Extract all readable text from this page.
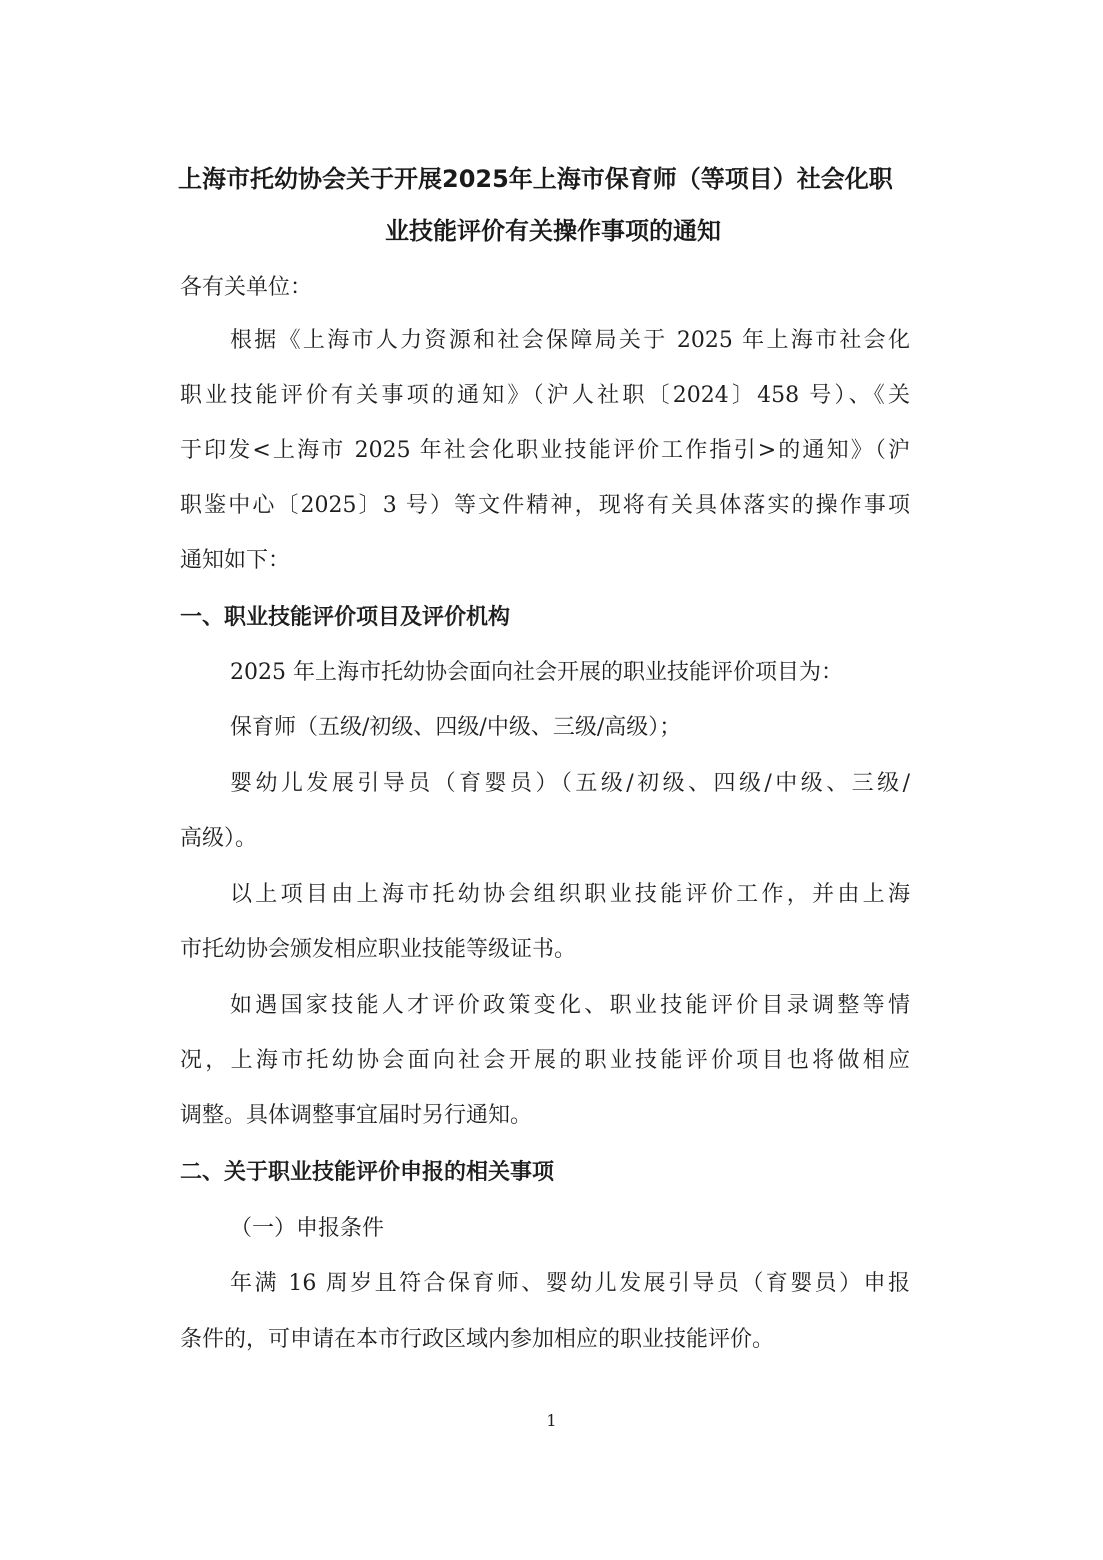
上海市托幼协会关于开展2025年上海市保育师（等项目）社会化职
业技能评价有关操作事项的通知

各有关单位：

根据《上海市人力资源和社会保障局关于 2025 年上海市社会化

职业技能评价有关事项的通知》（沪人社职〔2024〕458 号）、《关

于印发<上海市 2025 年社会化职业技能评价工作指引>的通知》（沪

职鉴中心〔2025〕3 号）等文件精神，现将有关具体落实的操作事项

通知如下：

一、职业技能评价项目及评价机构

2025 年上海市托幼协会面向社会开展的职业技能评价项目为：

保育师（五级/初级、四级/中级、三级/高级）；

婴幼儿发展引导员（育婴员）（五级/初级、四级/中级、三级/

高级）。

以上项目由上海市托幼协会组织职业技能评价工作，并由上海

市托幼协会颁发相应职业技能等级证书。

如遇国家技能人才评价政策变化、职业技能评价目录调整等情

况，上海市托幼协会面向社会开展的职业技能评价项目也将做相应

调整。具体调整事宜届时另行通知。

二、关于职业技能评价申报的相关事项

（一）申报条件

年满 16 周岁且符合保育师、婴幼儿发展引导员（育婴员）申报

条件的，可申请在本市行政区域内参加相应的职业技能评价。

1
